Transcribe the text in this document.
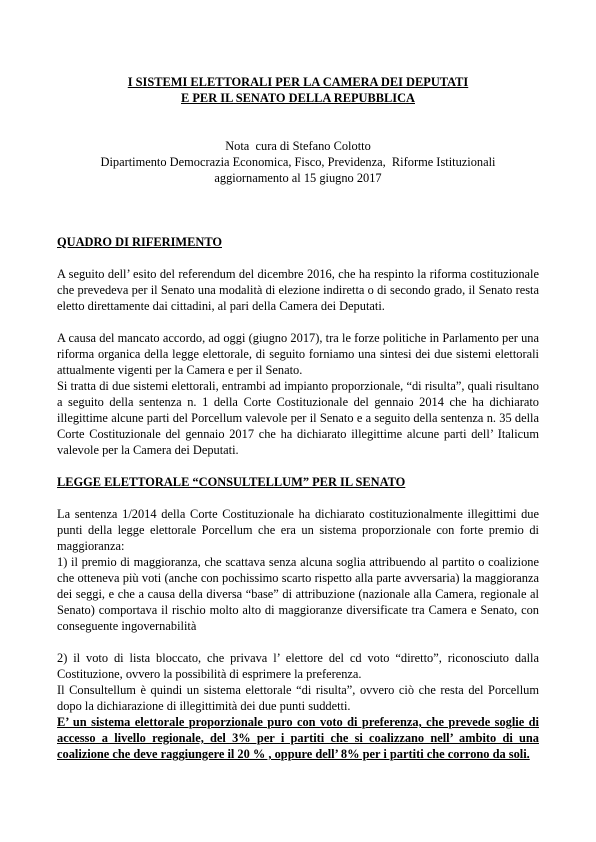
I SISTEMI ELETTORALI PER LA CAMERA DEI DEPUTATI
E PER IL SENATO DELLA REPUBBLICA
Nota  cura di Stefano Colotto
Dipartimento Democrazia Economica, Fisco, Previdenza,  Riforme Istituzionali
aggiornamento al 15 giugno 2017
QUADRO DI RIFERIMENTO
A seguito dell’ esito del referendum del dicembre 2016, che ha respinto la riforma costituzionale che prevedeva per il Senato una modalità di elezione indiretta o di secondo grado, il Senato resta eletto direttamente dai cittadini, al pari della Camera dei Deputati.
A causa del mancato accordo, ad oggi (giugno 2017), tra le forze politiche in Parlamento per una riforma organica della legge elettorale, di seguito forniamo una sintesi dei due sistemi elettorali attualmente vigenti per la Camera e per il Senato.
Si tratta di due sistemi elettorali, entrambi ad impianto proporzionale, “di risulta”, quali risultano a seguito della sentenza n. 1 della Corte Costituzionale del gennaio 2014 che ha dichiarato illegittime alcune parti del Porcellum valevole per il Senato e a seguito della sentenza n. 35 della Corte Costituzionale del gennaio 2017 che ha dichiarato illegittime alcune parti dell’ Italicum valevole per la Camera dei Deputati.
LEGGE ELETTORALE “CONSULTELLUM” PER IL SENATO
La sentenza 1/2014 della Corte Costituzionale ha dichiarato costituzionalmente illegittimi due punti della legge elettorale Porcellum che era un sistema proporzionale con forte premio di maggioranza:
1) il premio di maggioranza, che scattava senza alcuna soglia attribuendo al partito o coalizione che otteneva più voti (anche con pochissimo scarto rispetto alla parte avversaria) la maggioranza dei seggi, e che a causa della diversa “base” di attribuzione (nazionale alla Camera, regionale al Senato) comportava il rischio molto alto di maggioranze diversificate tra Camera e Senato, con conseguente ingovernabilità
2) il voto di lista bloccato, che privava l’ elettore del cd voto “diretto”, riconosciuto dalla Costituzione, ovvero la possibilità di esprimere la preferenza.
Il Consultellum è quindi un sistema elettorale “di risulta”, ovvero ciò che resta del Porcellum dopo la dichiarazione di illegittimità dei due punti suddetti.
E’ un sistema elettorale proporzionale puro con voto di preferenza, che prevede soglie di accesso a livello regionale, del 3% per i partiti che si coalizzano nell’ ambito di una coalizione che deve raggiungere il 20 % , oppure dell’ 8% per i partiti che corrono da soli.
